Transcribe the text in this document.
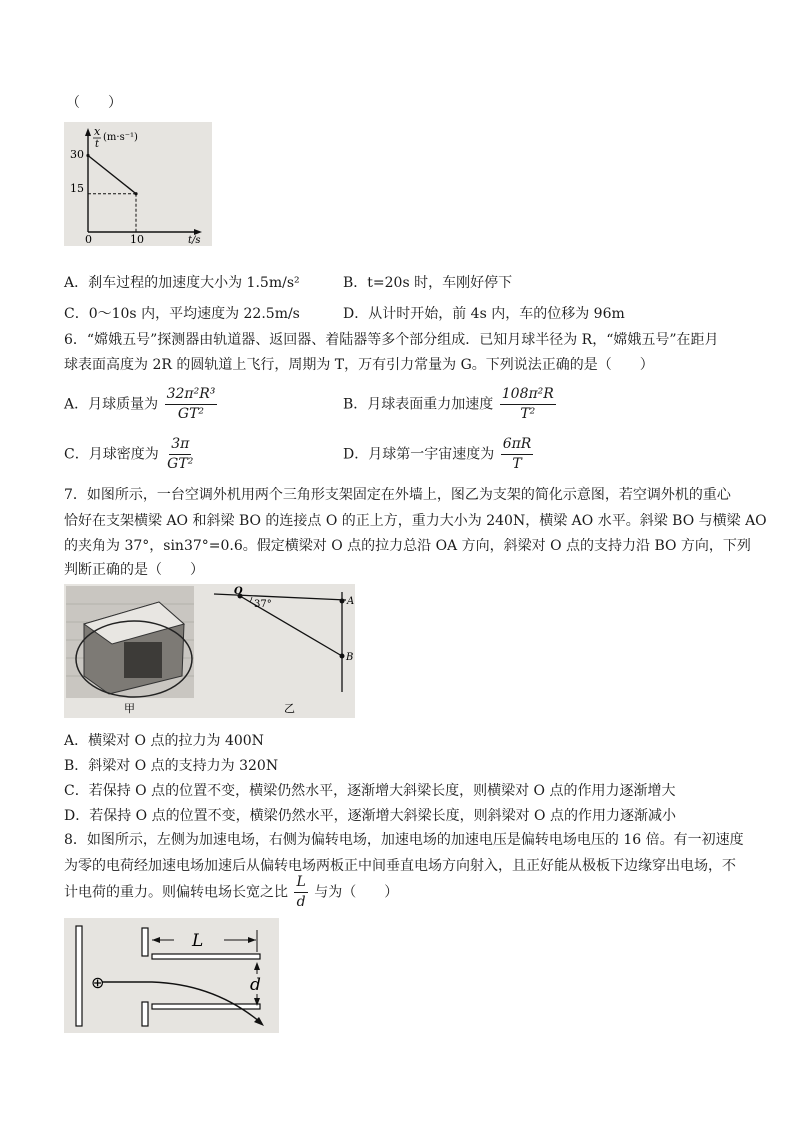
（　　）
x
t
(m·s⁻¹)
30
15
0	10	t/s
A．刹车过程的加速度大小为 1.5m/s²	B．t=20s 时，车刚好停下
C．0～10s 内，平均速度为 22.5m/s	D．从计时开始，前 4s 内，车的位移为 96m
6．“嫦娥五号”探测器由轨道器、返回器、着陆器等多个部分组成．已知月球半径为 R，“嫦娥五号”在距月
球表面高度为 2R 的圆轨道上飞行，周期为 T，万有引力常量为 G。下列说法正确的是（　　）
A．月球质量为 $\frac{\text{32π²R³}}{\text{GT²}}$	B．月球表面重力加速度 $\frac{\text{108π²R}}{\text{T²}}$
C．月球密度为 $\frac{3\pi}{\text{GT²}}$	D．月球第一宇宙速度为 $\frac{6\pi R}{T}$
7．如图所示，一台空调外机用两个三角形支架固定在外墙上，图乙为支架的简化示意图，若空调外机的重心
恰好在支架横梁 AO 和斜梁 BO 的连接点 O 的正上方，重力大小为 240N，横梁 AO 水平。斜梁 BO 与横梁 AO
的夹角为 37°，sin37°=0.6。假定横梁对 O 点的拉力总沿 OA 方向，斜梁对 O 点的支持力沿 BO 方向，下列
判断正确的是（　　）
甲
O
37°	A
B
乙
A．横梁对 O 点的拉力为 400N
B．斜梁对 O 点的支持力为 320N
C．若保持 O 点的位置不变，横梁仍然水平，逐渐增大斜梁长度，则横梁对 O 点的作用力逐渐增大
D．若保持 O 点的位置不变，横梁仍然水平，逐渐增大斜梁长度，则斜梁对 O 点的作用力逐渐减小
8．如图所示，左侧为加速电场，右侧为偏转电场，加速电场的加速电压是偏转电场电压的 16 倍。有一初速度
为零的电荷经加速电场加速后从偏转电场两板正中间垂直电场方向射入，且正好能从极板下边缘穿出电场，不
计电荷的重力。则偏转电场长宽之比 $\frac{L}{d}$ 与为（　　）
⊕
L
d
